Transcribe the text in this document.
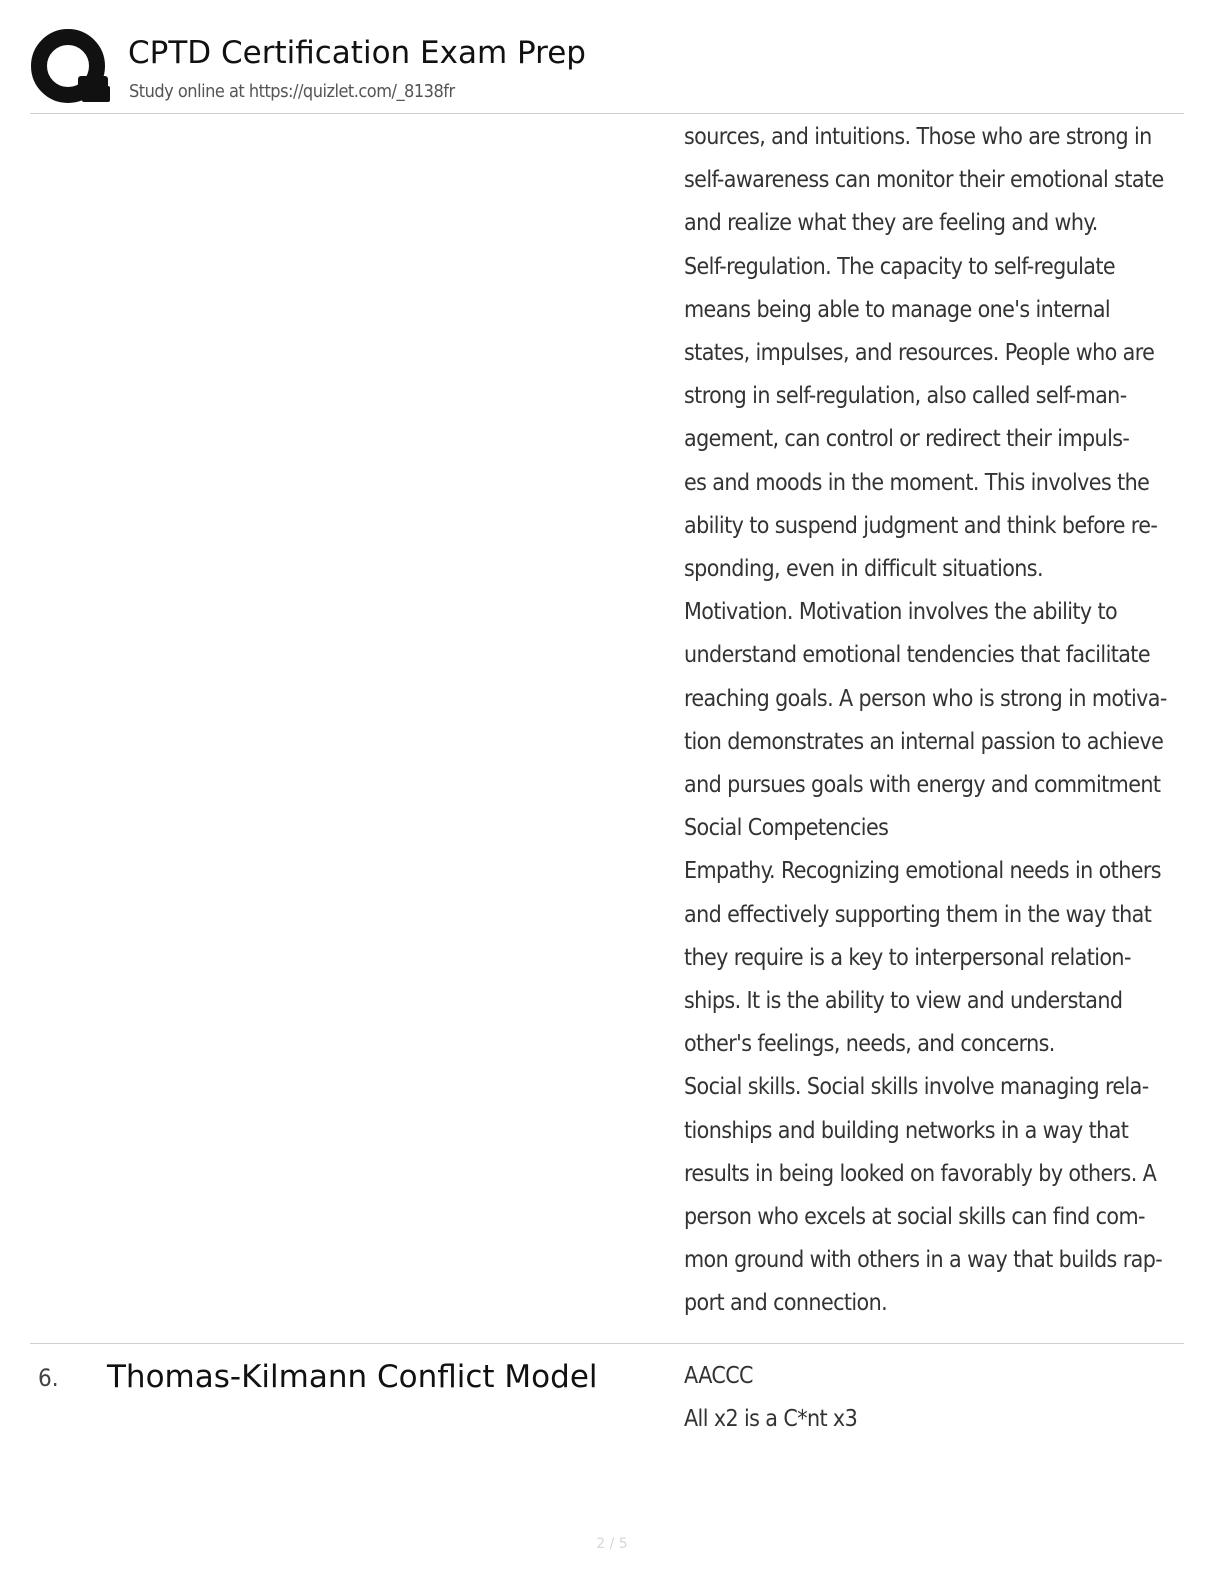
CPTD Certification Exam Prep
Study online at https://quizlet.com/_8138fr
sources, and intuitions. Those who are strong in
self-awareness can monitor their emotional state
and realize what they are feeling and why.
Self-regulation. The capacity to self-regulate
means being able to manage one's internal
states, impulses, and resources. People who are
strong in self-regulation, also called self-man-
agement, can control or redirect their impuls-
es and moods in the moment. This involves the
ability to suspend judgment and think before re-
sponding, even in difficult situations.
Motivation. Motivation involves the ability to
understand emotional tendencies that facilitate
reaching goals. A person who is strong in motiva-
tion demonstrates an internal passion to achieve
and pursues goals with energy and commitment
Social Competencies
Empathy. Recognizing emotional needs in others
and effectively supporting them in the way that
they require is a key to interpersonal relation-
ships. It is the ability to view and understand
other's feelings, needs, and concerns.
Social skills. Social skills involve managing rela-
tionships and building networks in a way that
results in being looked on favorably by others. A
person who excels at social skills can find com-
mon ground with others in a way that builds rap-
port and connection.
6. Thomas-Kilmann Conflict Model	AACCC
All x2 is a C*nt x3
2 / 5
